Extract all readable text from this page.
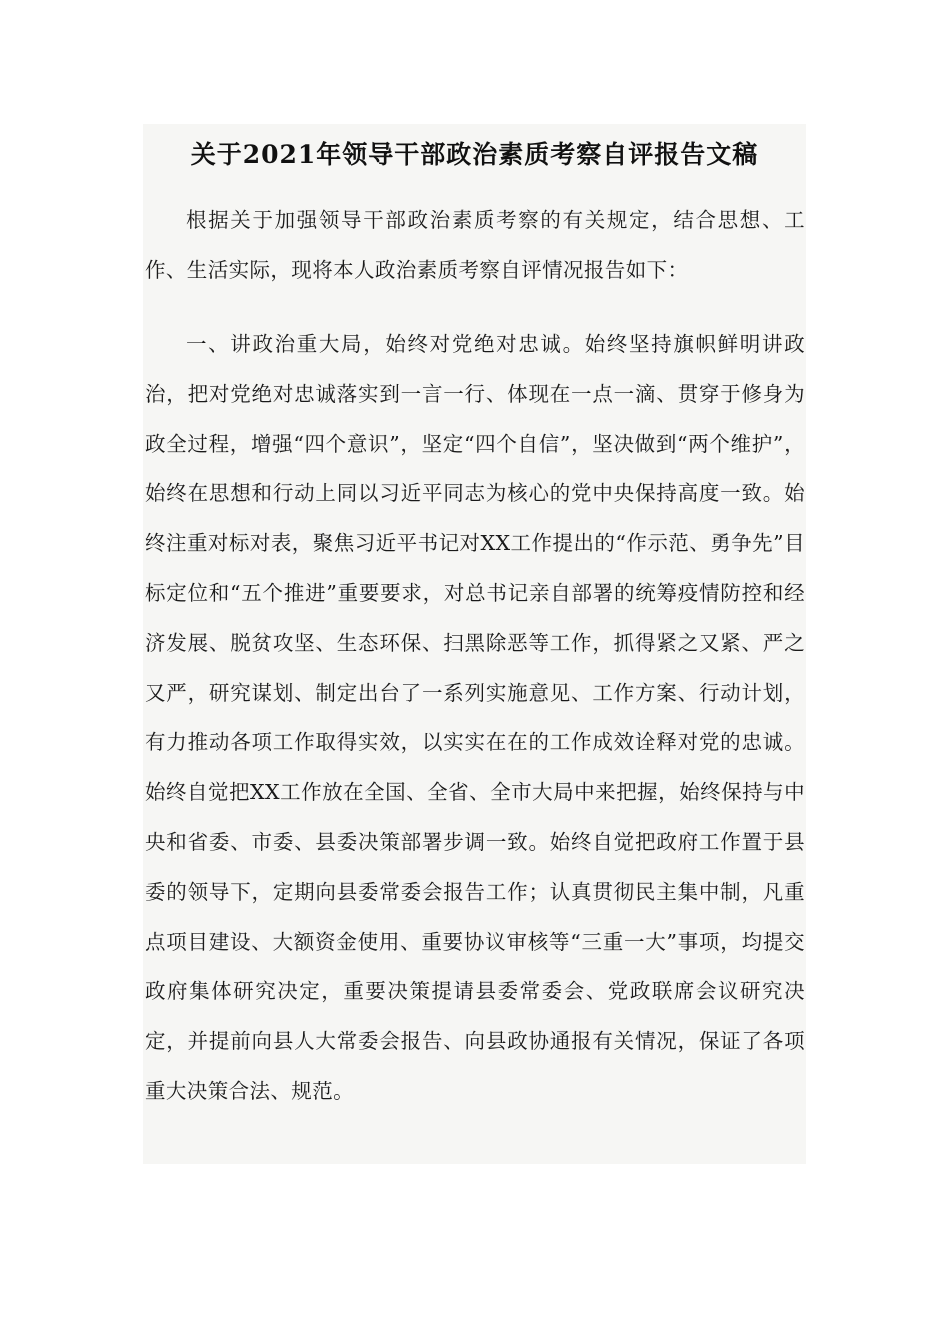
关于2021年领导干部政治素质考察自评报告文稿

根据关于加强领导干部政治素质考察的有关规定，结合思想、工作、生活实际，现将本人政治素质考察自评情况报告如下：

一、讲政治重大局，始终对党绝对忠诚。始终坚持旗帜鲜明讲政治，把对党绝对忠诚落实到一言一行、体现在一点一滴、贯穿于修身为政全过程，增强“四个意识”，坚定“四个自信”，坚决做到“两个维护”，始终在思想和行动上同以习近平同志为核心的党中央保持高度一致。始终注重对标对表，聚焦习近平书记对XX工作提出的“作示范、勇争先”目标定位和“五个推进”重要要求，对总书记亲自部署的统筹疫情防控和经济发展、脱贫攻坚、生态环保、扫黑除恶等工作，抓得紧之又紧、严之又严，研究谋划、制定出台了一系列实施意见、工作方案、行动计划，有力推动各项工作取得实效，以实实在在的工作成效诠释对党的忠诚。始终自觉把XX工作放在全国、全省、全市大局中来把握，始终保持与中央和省委、市委、县委决策部署步调一致。始终自觉把政府工作置于县委的领导下，定期向县委常委会报告工作；认真贯彻民主集中制，凡重点项目建设、大额资金使用、重要协议审核等“三重一大”事项，均提交政府集体研究决定，重要决策提请县委常委会、党政联席会议研究决定，并提前向县人大常委会报告、向县政协通报有关情况，保证了各项重大决策合法、规范。
